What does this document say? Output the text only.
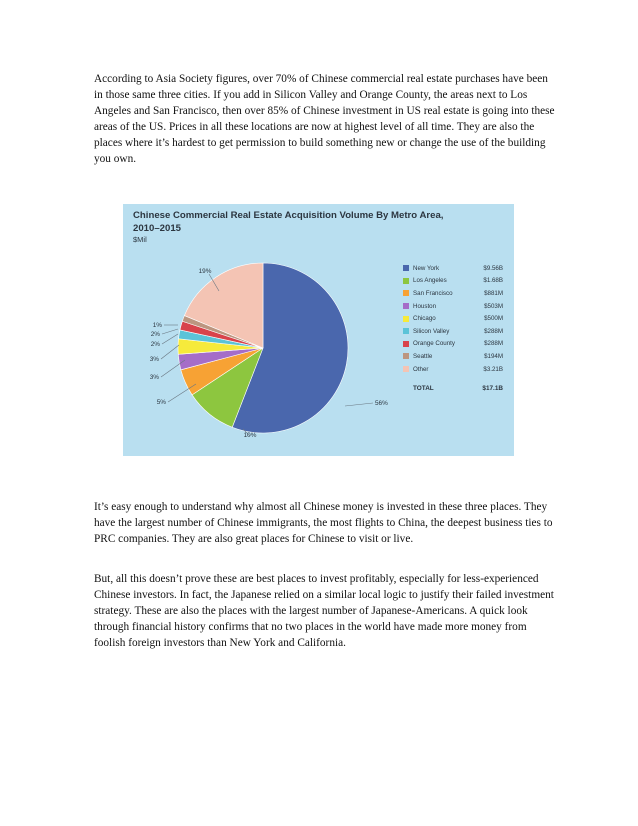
According to Asia Society figures, over 70% of Chinese commercial real estate purchases have been in those same three cities. If you add in Silicon Valley and Orange County, the areas next to Los Angeles and San Francisco, then over 85% of Chinese investment in US real estate is going into these areas of the US. Prices in all these locations are now at highest level of all time. They are also the places where it’s hardest to get permission to build something new or change the use of the building you own.

Chinese Commercial Real Estate Acquisition Volume By Metro Area,
2010–2015
$Mil
56%
10%
5%
3%
3%
2%
2%
1%
19%	New York	$9.56B
Los Angeles	$1.68B
San Francisco	$881M
Houston	$503M
Chicago	$500M
Silicon Valley	$288M
Orange County	$288M
Seattle	$194M
Other	$3.21B
TOTAL	$17.1B

It’s easy enough to understand why almost all Chinese money is invested in these three places. They have the largest number of Chinese immigrants, the most flights to China, the deepest business ties to PRC companies. They are also great places for Chinese to visit or live.

But, all this doesn’t prove these are best places to invest profitably, especially for less-experienced Chinese investors. In fact, the Japanese relied on a similar local logic to justify their failed investment strategy. These are also the places with the largest number of Japanese-Americans. A quick look through financial history confirms that no two places in the world have made more money from foolish foreign investors than New York and California.
